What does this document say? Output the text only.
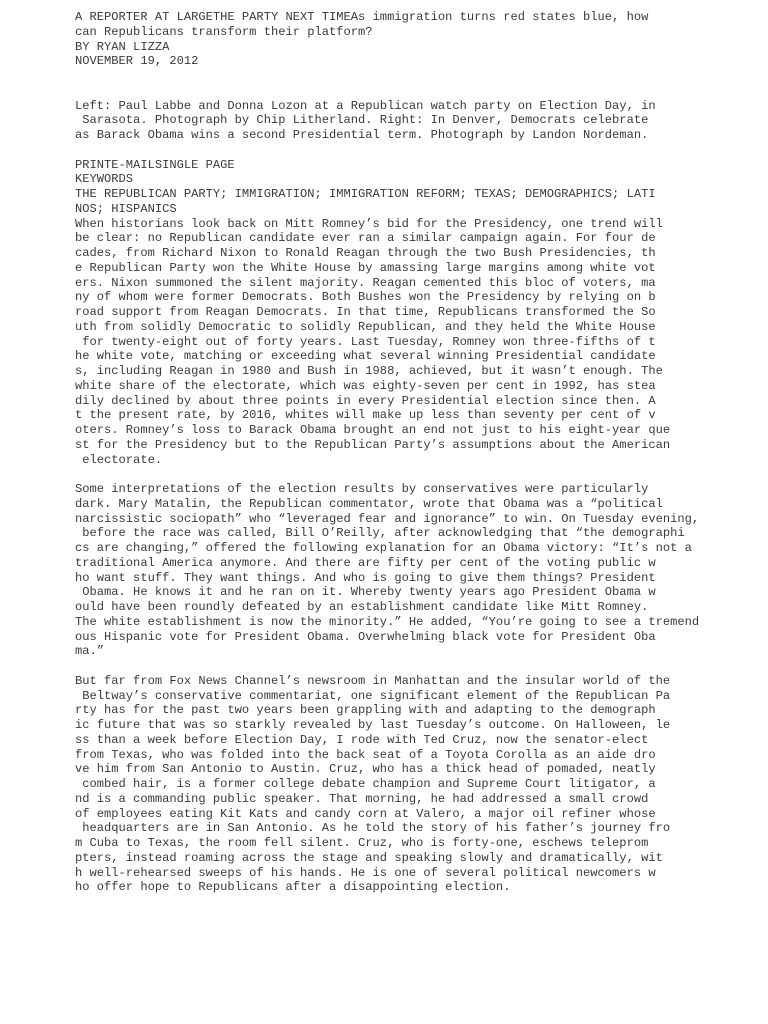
A REPORTER AT LARGETHE PARTY NEXT TIMEAs immigration turns red states blue, how
can Republicans transform their platform?
BY RYAN LIZZA
NOVEMBER 19, 2012
Left: Paul Labbe and Donna Lozon at a Republican watch party on Election Day, in
Sarasota. Photograph by Chip Litherland. Right: In Denver, Democrats celebrate
as Barack Obama wins a second Presidential term. Photograph by Landon Nordeman.
PRINTE-MAILSINGLE PAGE
KEYWORDS
THE REPUBLICAN PARTY; IMMIGRATION; IMMIGRATION REFORM; TEXAS; DEMOGRAPHICS; LATI
NOS; HISPANICS
When historians look back on Mitt Romney’s bid for the Presidency, one trend will
be clear: no Republican candidate ever ran a similar campaign again. For four de
cades, from Richard Nixon to Ronald Reagan through the two Bush Presidencies, th
e Republican Party won the White House by amassing large margins among white vot
ers. Nixon summoned the silent majority. Reagan cemented this bloc of voters, ma
ny of whom were former Democrats. Both Bushes won the Presidency by relying on b
road support from Reagan Democrats. In that time, Republicans transformed the So
uth from solidly Democratic to solidly Republican, and they held the White House
for twenty-eight out of forty years. Last Tuesday, Romney won three-fifths of t
he white vote, matching or exceeding what several winning Presidential candidate
s, including Reagan in 1980 and Bush in 1988, achieved, but it wasn’t enough. The
white share of the electorate, which was eighty-seven per cent in 1992, has stea
dily declined by about three points in every Presidential election since then. A
t the present rate, by 2016, whites will make up less than seventy per cent of v
oters. Romney’s loss to Barack Obama brought an end not just to his eight-year que
st for the Presidency but to the Republican Party’s assumptions about the American
electorate.
Some interpretations of the election results by conservatives were particularly
dark. Mary Matalin, the Republican commentator, wrote that Obama was a “political
narcissistic sociopath” who “leveraged fear and ignorance” to win. On Tuesday evening,
before the race was called, Bill O’Reilly, after acknowledging that “the demographi
cs are changing,” offered the following explanation for an Obama victory: “It’s not a
traditional America anymore. And there are fifty per cent of the voting public w
ho want stuff. They want things. And who is going to give them things? President
Obama. He knows it and he ran on it. Whereby twenty years ago President Obama w
ould have been roundly defeated by an establishment candidate like Mitt Romney.
The white establishment is now the minority.” He added, “You’re going to see a tremend
ous Hispanic vote for President Obama. Overwhelming black vote for President Oba
ma.”
But far from Fox News Channel’s newsroom in Manhattan and the insular world of the
Beltway’s conservative commentariat, one significant element of the Republican Pa
rty has for the past two years been grappling with and adapting to the demograph
ic future that was so starkly revealed by last Tuesday’s outcome. On Halloween, le
ss than a week before Election Day, I rode with Ted Cruz, now the senator-elect
from Texas, who was folded into the back seat of a Toyota Corolla as an aide dro
ve him from San Antonio to Austin. Cruz, who has a thick head of pomaded, neatly
combed hair, is a former college debate champion and Supreme Court litigator, a
nd is a commanding public speaker. That morning, he had addressed a small crowd
of employees eating Kit Kats and candy corn at Valero, a major oil refiner whose
headquarters are in San Antonio. As he told the story of his father’s journey fro
m Cuba to Texas, the room fell silent. Cruz, who is forty-one, eschews teleprom
pters, instead roaming across the stage and speaking slowly and dramatically, wit
h well-rehearsed sweeps of his hands. He is one of several political newcomers w
ho offer hope to Republicans after a disappointing election.
